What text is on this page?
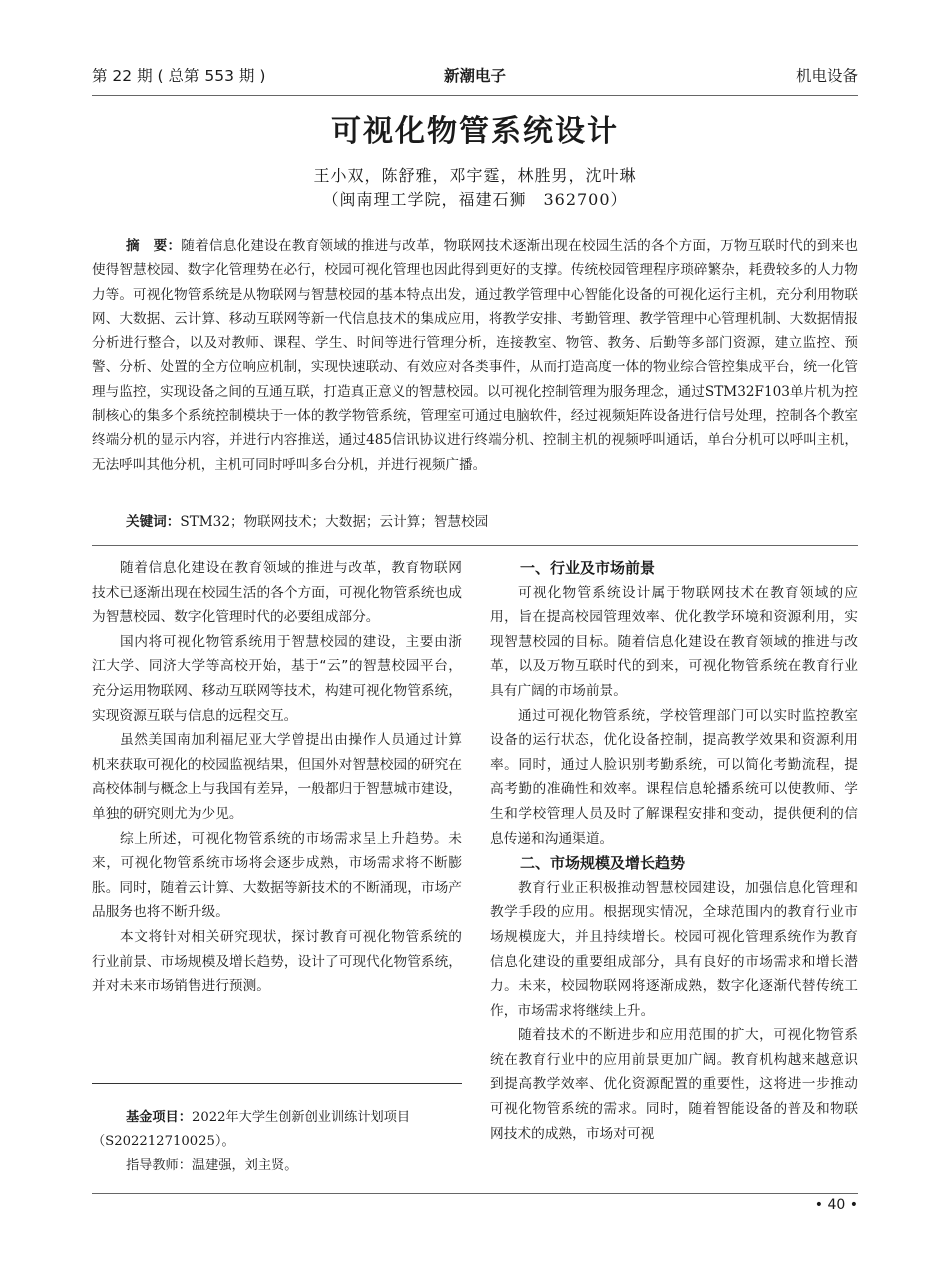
第 22 期 ( 总第 553 期 )	新潮电子	机电设备
可视化物管系统设计
王小双，陈舒雅，邓宇霆，林胜男，沈叶琳
（闽南理工学院，福建石狮　362700）

摘　要：随着信息化建设在教育领域的推进与改革，物联网技术逐渐出现在校园生活的各个方面，万物互联时代的到来也使得智慧校园、数字化管理势在必行，校园可视化管理也因此得到更好的支撑。传统校园管理程序琐碎繁杂，耗费较多的人力物力等。可视化物管系统是从物联网与智慧校园的基本特点出发，通过教学管理中心智能化设备的可视化运行主机，充分利用物联网、大数据、云计算、移动互联网等新一代信息技术的集成应用，将教学安排、考勤管理、教学管理中心管理机制、大数据情报分析进行整合，以及对教师、课程、学生、时间等进行管理分析，连接教室、物管、教务、后勤等多部门资源，建立监控、预警、分析、处置的全方位响应机制，实现快速联动、有效应对各类事件，从而打造高度一体的物业综合管控集成平台，统一化管理与监控，实现设备之间的互通互联，打造真正意义的智慧校园。以可视化控制管理为服务理念，通过STM32F103单片机为控制核心的集多个系统控制模块于一体的教学物管系统，管理室可通过电脑软件，经过视频矩阵设备进行信号处理，控制各个教室终端分机的显示内容，并进行内容推送，通过485信讯协议进行终端分机、控制主机的视频呼叫通话，单台分机可以呼叫主机，无法呼叫其他分机，主机可同时呼叫多台分机，并进行视频广播。

关键词：STM32；物联网技术；大数据；云计算；智慧校园

随着信息化建设在教育领域的推进与改革，教育物联网技术已逐渐出现在校园生活的各个方面，可视化物管系统也成为智慧校园、数字化管理时代的必要组成部分。

国内将可视化物管系统用于智慧校园的建设，主要由浙江大学、同济大学等高校开始，基于“云”的智慧校园平台，充分运用物联网、移动互联网等技术，构建可视化物管系统，实现资源互联与信息的远程交互。

虽然美国南加利福尼亚大学曾提出由操作人员通过计算机来获取可视化的校园监视结果，但国外对智慧校园的研究在高校体制与概念上与我国有差异，一般都归于智慧城市建设，单独的研究则尤为少见。

综上所述，可视化物管系统的市场需求呈上升趋势。未来，可视化物管系统市场将会逐步成熟，市场需求将不断膨胀。同时，随着云计算、大数据等新技术的不断涌现，市场产品服务也将不断升级。

本文将针对相关研究现状，探讨教育可视化物管系统的行业前景、市场规模及增长趋势，设计了可现代化物管系统，并对未来市场销售进行预测。

一、行业及市场前景

可视化物管系统设计属于物联网技术在教育领域的应用，旨在提高校园管理效率、优化教学环境和资源利用，实现智慧校园的目标。随着信息化建设在教育领域的推进与改革，以及万物互联时代的到来，可视化物管系统在教育行业具有广阔的市场前景。

通过可视化物管系统，学校管理部门可以实时监控教室设备的运行状态，优化设备控制，提高教学效果和资源利用率。同时，通过人脸识别考勤系统，可以简化考勤流程，提高考勤的准确性和效率。课程信息轮播系统可以使教师、学生和学校管理人员及时了解课程安排和变动，提供便利的信息传递和沟通渠道。

二、市场规模及增长趋势

教育行业正积极推动智慧校园建设，加强信息化管理和教学手段的应用。根据现实情况，全球范围内的教育行业市场规模庞大，并且持续增长。校园可视化管理系统作为教育信息化建设的重要组成部分，具有良好的市场需求和增长潜力。未来，校园物联网将逐渐成熟，数字化逐渐代替传统工作，市场需求将继续上升。

随着技术的不断进步和应用范围的扩大，可视化物管系统在教育行业中的应用前景更加广阔。教育机构越来越意识到提高教学效率、优化资源配置的重要性，这将进一步推动可视化物管系统的需求。同时，随着智能设备的普及和物联网技术的成熟，市场对可视

基金项目：2022年大学生创新创业训练计划项目
（S202212710025）。
指导教师：温建强，刘主贤。
• 40 •
